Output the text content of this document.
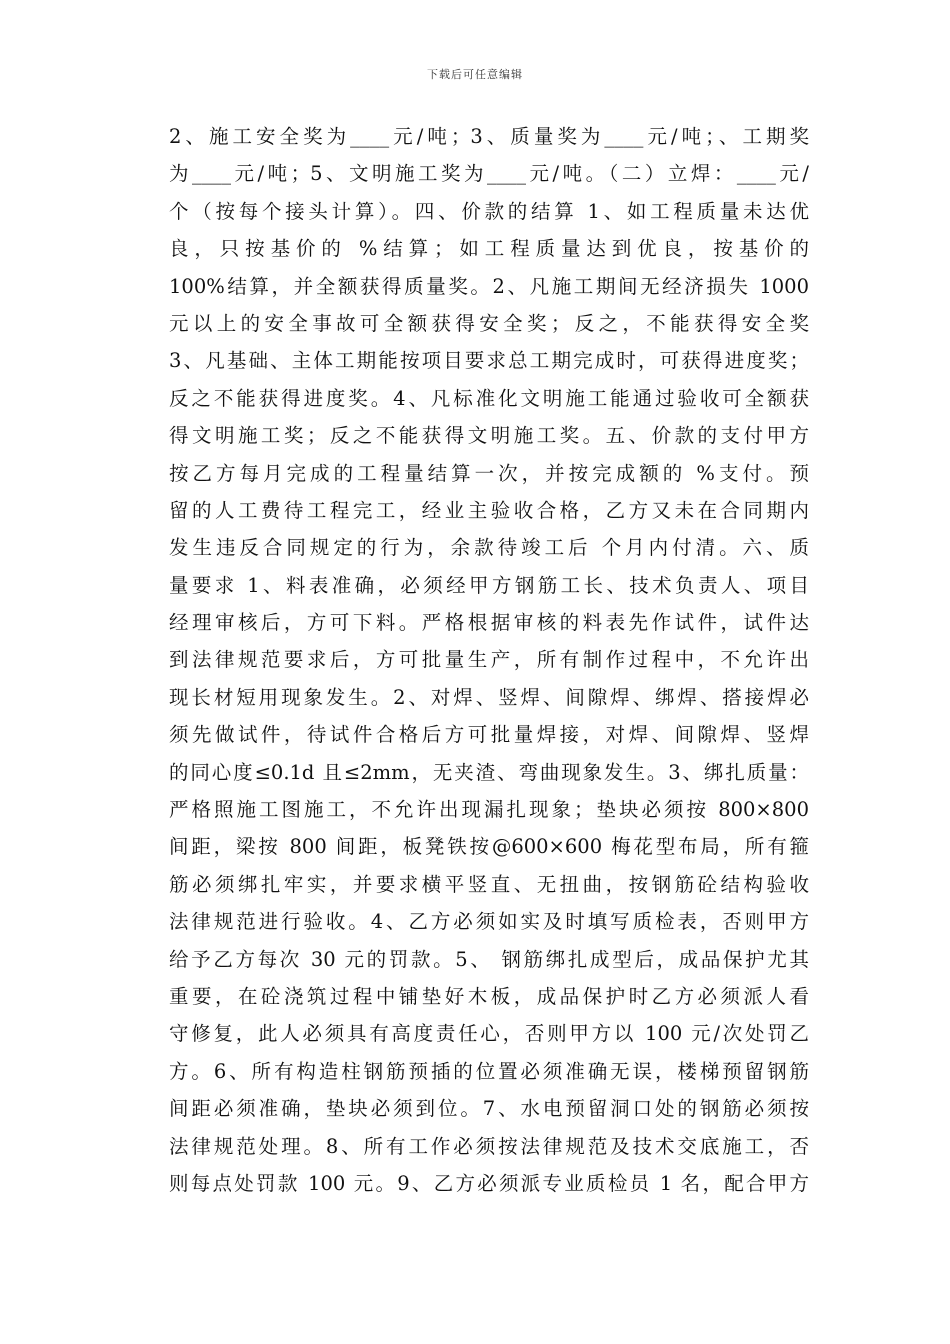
下载后可任意编辑
2、施工安全奖为____元/吨；3、质量奖为____元/吨；、工期奖
为____元/吨；5、文明施工奖为____元/吨。（二）立焊：____元/
个（按每个接头计算）。四、价款的结算 1、如工程质量未达优
良，只按基价的 %结算；如工程质量达到优良，按基价的
100%结算，并全额获得质量奖。2、凡施工期间无经济损失 1000
元以上的安全事故可全额获得安全奖；反之，不能获得安全奖
3、凡基础、主体工期能按项目要求总工期完成时，可获得进度奖；
反之不能获得进度奖。4、凡标准化文明施工能通过验收可全额获
得文明施工奖；反之不能获得文明施工奖。五、价款的支付甲方
按乙方每月完成的工程量结算一次，并按完成额的 %支付。预
留的人工费待工程完工，经业主验收合格，乙方又未在合同期内
发生违反合同规定的行为，余款待竣工后 个月内付清。六、质
量要求 1、料表准确，必须经甲方钢筋工长、技术负责人、项目
经理审核后，方可下料。严格根据审核的料表先作试件，试件达
到法律规范要求后，方可批量生产，所有制作过程中，不允许出
现长材短用现象发生。2、对焊、竖焊、间隙焊、绑焊、搭接焊必
须先做试件，待试件合格后方可批量焊接，对焊、间隙焊、竖焊
的同心度≤0.1d 且≤2mm，无夹渣、弯曲现象发生。3、绑扎质量：
严格照施工图施工，不允许出现漏扎现象；垫块必须按 800×800
间距，梁按 800 间距，板凳铁按@600×600 梅花型布局，所有箍
筋必须绑扎牢实，并要求横平竖直、无扭曲，按钢筋砼结构验收
法律规范进行验收。4、乙方必须如实及时填写质检表，否则甲方
给予乙方每次 30 元的罚款。5、 钢筋绑扎成型后，成品保护尤其
重要，在砼浇筑过程中铺垫好木板，成品保护时乙方必须派人看
守修复，此人必须具有高度责任心，否则甲方以 100 元/次处罚乙
方。6、所有构造柱钢筋预插的位置必须准确无误，楼梯预留钢筋
间距必须准确，垫块必须到位。7、水电预留洞口处的钢筋必须按
法律规范处理。8、所有工作必须按法律规范及技术交底施工，否
则每点处罚款 100 元。9、乙方必须派专业质检员 1 名，配合甲方
